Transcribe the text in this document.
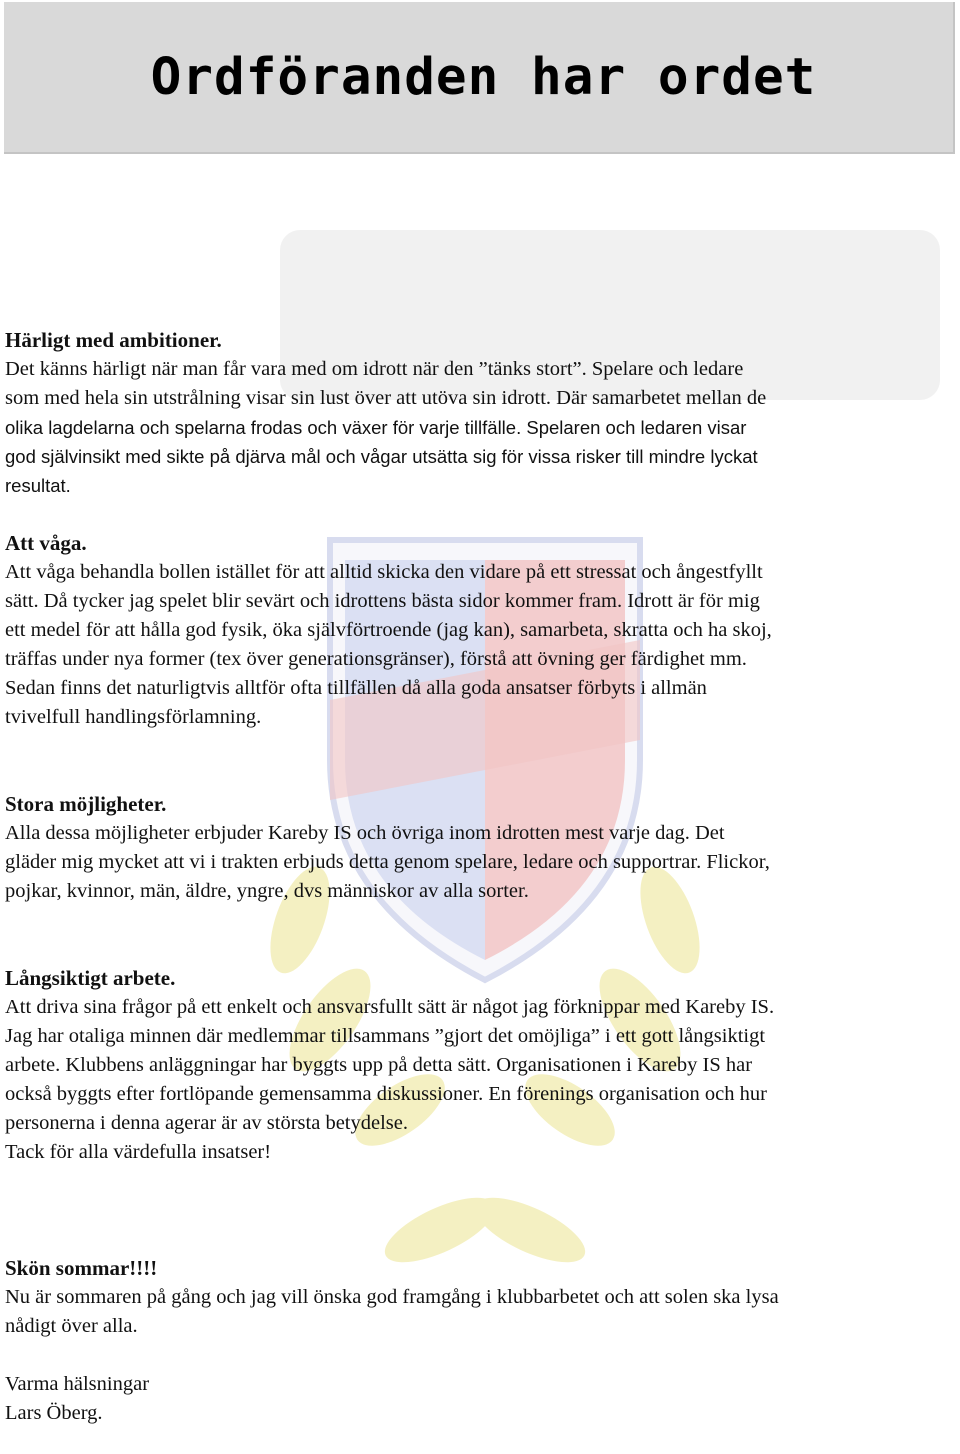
Ordföranden har ordet
Härligt med ambitioner.
Det känns härligt när man får vara med om idrott när den ”tänks stort”. Spelare och ledare
som med hela sin utstrålning visar sin lust över att utöva sin idrott. Där samarbetet mellan de
olika lagdelarna och spelarna frodas och växer för varje tillfälle. Spelaren och ledaren visar
god självinsikt med sikte på djärva mål och vågar utsätta sig för vissa risker till mindre lyckat
resultat.
Att våga.
Att våga behandla bollen istället för att alltid skicka den vidare på ett stressat och ångestfyllt
sätt. Då tycker jag spelet blir sevärt och idrottens bästa sidor kommer fram. Idrott är för mig
ett medel för att hålla god fysik, öka självförtroende (jag kan), samarbeta, skratta och ha skoj,
träffas under nya former (tex över generationsgränser), förstå att övning ger färdighet mm.
Sedan finns det naturligtvis alltför ofta tillfällen då alla goda ansatser förbyts i allmän
tvivelfull handlingsförlamning.
Stora möjligheter.
Alla dessa möjligheter erbjuder Kareby IS och övriga inom idrotten mest varje dag. Det
gläder mig mycket att vi i trakten erbjuds detta genom spelare, ledare och supportrar. Flickor,
pojkar, kvinnor, män, äldre, yngre, dvs människor av alla sorter.
Långsiktigt arbete.
Att driva sina frågor på ett enkelt och ansvarsfullt sätt är något jag förknippar med Kareby IS.
Jag har otaliga minnen där medlemmar tillsammans ”gjort det omöjliga” i ett gott långsiktigt
arbete. Klubbens anläggningar har byggts upp på detta sätt. Organisationen i Kareby IS har
också byggts efter fortlöpande gemensamma diskussioner. En förenings organisation och hur
personerna i denna agerar är av största betydelse.
Tack för alla värdefulla insatser!
Skön sommar!!!!
Nu är sommaren på gång och jag vill önska god framgång i klubbarbetet och att solen ska lysa
nådigt över alla.
Varma hälsningar
Lars Öberg.
